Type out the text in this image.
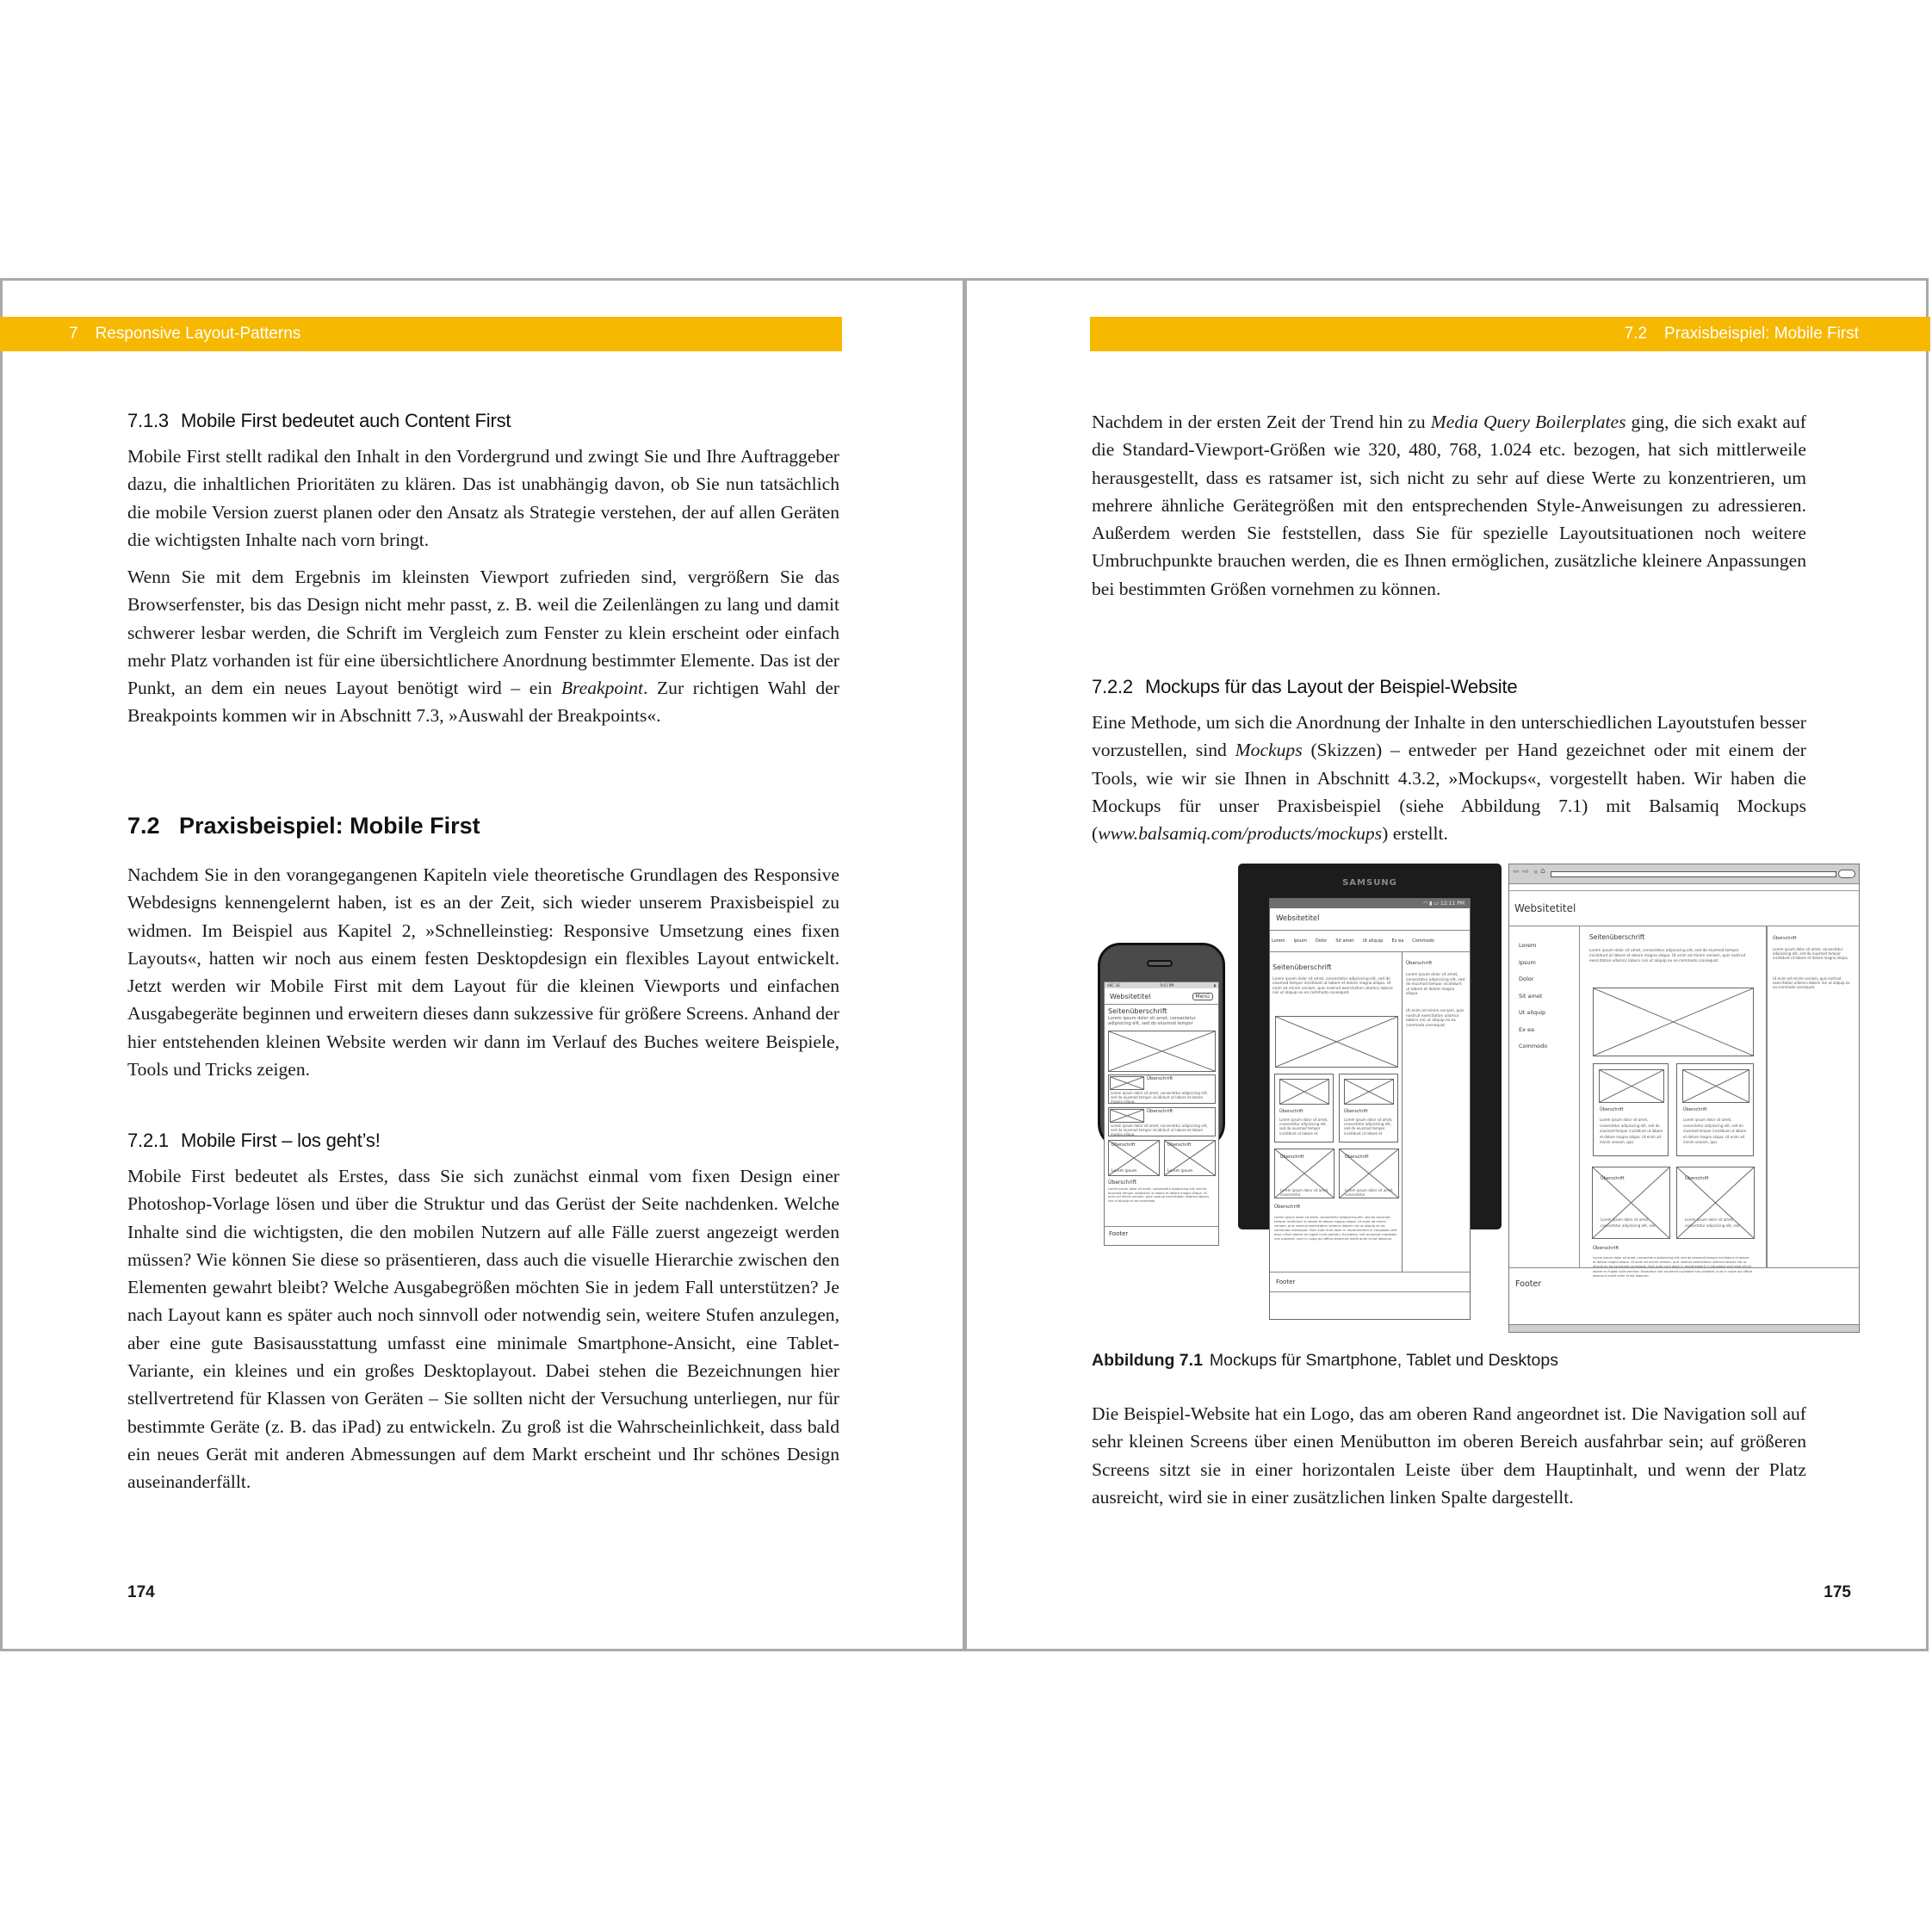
7 Responsive Layout-Patterns
7.1.3 Mobile First bedeutet auch Content First

Mobile First stellt radikal den Inhalt in den Vordergrund und zwingt Sie und Ihre Auftraggeber dazu, die inhaltlichen Prioritäten zu klären. Das ist unabhängig davon, ob Sie nun tatsächlich die mobile Version zuerst planen oder den Ansatz als Strategie verstehen, der auf allen Geräten die wichtigsten Inhalte nach vorn bringt.

Wenn Sie mit dem Ergebnis im kleinsten Viewport zufrieden sind, vergrößern Sie das Browserfenster, bis das Design nicht mehr passt, z. B. weil die Zeilenlängen zu lang und damit schwerer lesbar werden, die Schrift im Vergleich zum Fenster zu klein erscheint oder einfach mehr Platz vorhanden ist für eine übersichtlichere Anordnung bestimmter Elemente. Das ist der Punkt, an dem ein neues Layout benötigt wird – ein Breakpoint. Zur richtigen Wahl der Breakpoints kommen wir in Abschnitt 7.3, »Auswahl der Breakpoints«.

7.2 Praxisbeispiel: Mobile First

Nachdem Sie in den vorangegangenen Kapiteln viele theoretische Grundlagen des Responsive Webdesigns kennengelernt haben, ist es an der Zeit, sich wieder unserem Praxisbeispiel zu widmen. Im Beispiel aus Kapitel 2, »Schnelleinstieg: Responsive Umsetzung eines fixen Layouts«, hatten wir noch aus einem festen Desktopdesign ein flexibles Layout entwickelt. Jetzt werden wir Mobile First mit dem Layout für die kleinen Viewports und einfachen Ausgabegeräte beginnen und erweitern dieses dann sukzessive für größere Screens. Anhand der hier entstehenden kleinen Website werden wir dann im Verlauf des Buches weitere Beispiele, Tools und Tricks zeigen.

7.2.1 Mobile First – los geht’s!

Mobile First bedeutet als Erstes, dass Sie sich zunächst einmal vom fixen Design einer Photoshop-Vorlage lösen und über die Struktur und das Gerüst der Seite nachdenken. Welche Inhalte sind die wichtigsten, die den mobilen Nutzern auf alle Fälle zuerst angezeigt werden müssen? Wie können Sie diese so präsentieren, dass auch die visuelle Hierarchie zwischen den Elementen gewahrt bleibt? Welche Ausgabegrößen möchten Sie in jedem Fall unterstützen? Je nach Layout kann es später auch noch sinnvoll oder notwendig sein, weitere Stufen anzulegen, aber eine gute Basisausstattung umfasst eine minimale Smartphone-Ansicht, eine Tablet-Variante, ein kleines und ein großes Desktoplayout. Dabei stehen die Bezeichnungen hier stellvertretend für Klassen von Geräten – Sie sollten nicht der Versuchung unterliegen, nur für bestimmte Geräte (z. B. das iPad) zu entwickeln. Zu groß ist die Wahrscheinlichkeit, dass bald ein neues Gerät mit anderen Abmessungen auf dem Markt erscheint und Ihr schönes Design auseinanderfällt.

174
7.2 Praxisbeispiel: Mobile First

Nachdem in der ersten Zeit der Trend hin zu Media Query Boilerplates ging, die sich exakt auf die Standard-Viewport-Größen wie 320, 480, 768, 1.024 etc. bezogen, hat sich mittlerweile herausgestellt, dass es ratsamer ist, sich nicht zu sehr auf diese Werte zu konzentrieren, um mehrere ähnliche Gerätegrößen mit den entsprechenden Style-Anweisungen zu adressieren. Außerdem werden Sie feststellen, dass Sie für spezielle Layoutsituationen noch weitere Umbruchpunkte brauchen werden, die es Ihnen ermöglichen, zusätzliche kleinere Anpassungen bei bestimmten Größen vornehmen zu können.

7.2.2 Mockups für das Layout der Beispiel-Website

Eine Methode, um sich die Anordnung der Inhalte in den unterschiedlichen Layoutstufen besser vorzustellen, sind Mockups (Skizzen) – entweder per Hand gezeichnet oder mit einem der Tools, wie wir sie Ihnen in Abschnitt 4.3.2, »Mockups«, vorgestellt haben. Wir haben die Mockups für unser Praxisbeispiel (siehe Abbildung 7.1) mit Balsamiq Mockups (www.balsamiq.com/products/mockups) erstellt.

Abbildung 7.1 Mockups für Smartphone, Tablet und Desktops

Die Beispiel-Website hat ein Logo, das am oberen Rand angeordnet ist. Die Navigation soll auf sehr kleinen Screens über einen Menübutton im oberen Bereich ausfahrbar sein; auf größeren Screens sitzt sie in einer horizontalen Leiste über dem Hauptinhalt, und wenn der Platz ausreicht, wird sie in einer zusätzlichen linken Spalte dargestellt.

175
ABC 3G	9:41 PM	▮
Websitetitel	Menü
Seitenüberschrift
Lorem ipsum dolor sit amet, consectetur adipisicing elit, sed do eiusmod tempor
Überschrift
Lorem ipsum dolor sit amet, consectetur adipisicing elit, sed do eiusmod tempor incididunt ut labore et dolore magna aliqua.
Überschrift
Lorem ipsum dolor sit amet, consectetur adipisicing elit, sed do eiusmod tempor incididunt ut labore et dolore magna aliqua.
Überschrift
Lorem ipsum
Überschrift
Lorem ipsum
Überschrift
Lorem ipsum dolor sit amet, consectetur adipisicing elit, sed do eiusmod tempor incididunt ut labore et dolore magna aliqua. Ut enim ad minim veniam, quis nostrud exercitation ullamco laboris nisi ut aliquip ex ea commodo.
Footer
SAMSUNG
◠ ▮ ▭ 12:11 PM
Websitetitel
Lorem Ipsum Dolor Sit amet Ut aliquip Ex ea Commodo
Seitenüberschrift
Lorem ipsum dolor sit amet, consectetur adipisicing elit, sed do eiusmod tempor incididunt ut labore et dolore magna aliqua. Ut enim ad minim veniam, quis nostrud exercitation ullamco laboris nisi ut aliquip ex ea commodo consequat.
Überschrift
Lorem ipsum dolor sit amet, consectetur adipisicing elit, sed do eiusmod tempor incididunt ut labore et dolore magna aliqua.
Ut enim ad minim veniam, quis nostrud exercitation ullamco laboris nisi ut aliquip ex ea commodo consequat.
Überschrift
Lorem ipsum dolor sit amet, consectetur adipisicing elit, sed do eiusmod tempor incididunt ut labore et
Überschrift
Lorem ipsum dolor sit amet, consectetur adipisicing elit, sed do eiusmod tempor incididunt ut labore et
Überschrift
Lorem ipsum dolor sit amet, consectetur
Überschrift
Lorem ipsum dolor sit amet, consectetur
Überschrift
Lorem ipsum dolor sit amet, consectetur adipisicing elit, sed do eiusmod tempor incididunt ut labore et dolore magna aliqua. Ut enim ad minim veniam, quis nostrud exercitation ullamco laboris nisi ut aliquip ex ea commodo consequat. Duis aute irure dolor in reprehenderit in voluptate velit esse cillum dolore eu fugiat nulla pariatur. Excepteur sint occaecat cupidatat non proident, sunt in culpa qui officia deserunt mollit anim id est laborum.
Footer
⇦ ⇨ × ⌂
Websitetitel
Lorem
Ipsum
Dolor
Sit amet
Ut aliquip
Ex ea
Commodo
Seitenüberschrift
Lorem ipsum dolor sit amet, consectetur adipisicing elit, sed do eiusmod tempor incididunt ut labore et dolore magna aliqua. Ut enim ad minim veniam, quis nostrud exercitation ullamco laboris nisi ut aliquip ex ea commodo consequat.
Überschrift
Lorem ipsum dolor sit amet, consectetur adipisicing elit, sed do eiusmod tempor incididunt ut labore et dolore magna aliqua.
Ut enim ad minim veniam, quis nostrud exercitation ullamco laboris nisi ut aliquip ex ea commodo consequat.
Überschrift
Lorem ipsum dolor sit amet, consectetur adipisicing elit, sed do eiusmod tempor incididunt ut labore et dolore magna aliqua. Ut enim ad minim veniam, quis
Überschrift
Lorem ipsum dolor sit amet, consectetur adipisicing elit, sed do eiusmod tempor incididunt ut labore et dolore magna aliqua. Ut enim ad minim veniam, quis
Überschrift
Lorem ipsum dolor sit amet, consectetur adipisicing elit, sed
Überschrift
Lorem ipsum dolor sit amet, consectetur adipisicing elit, sed
Überschrift
Lorem ipsum dolor sit amet, consectetur adipisicing elit, sed do eiusmod tempor incididunt ut labore et dolore magna aliqua. Ut enim ad minim veniam, quis nostrud exercitation ullamco laboris nisi ut aliquip ex ea commodo consequat. Duis aute irure dolor in reprehenderit in voluptate velit esse cillum dolore eu fugiat nulla pariatur. Excepteur sint occaecat cupidatat non proident, sunt in culpa qui officia deserunt mollit anim id est laborum.
Footer
